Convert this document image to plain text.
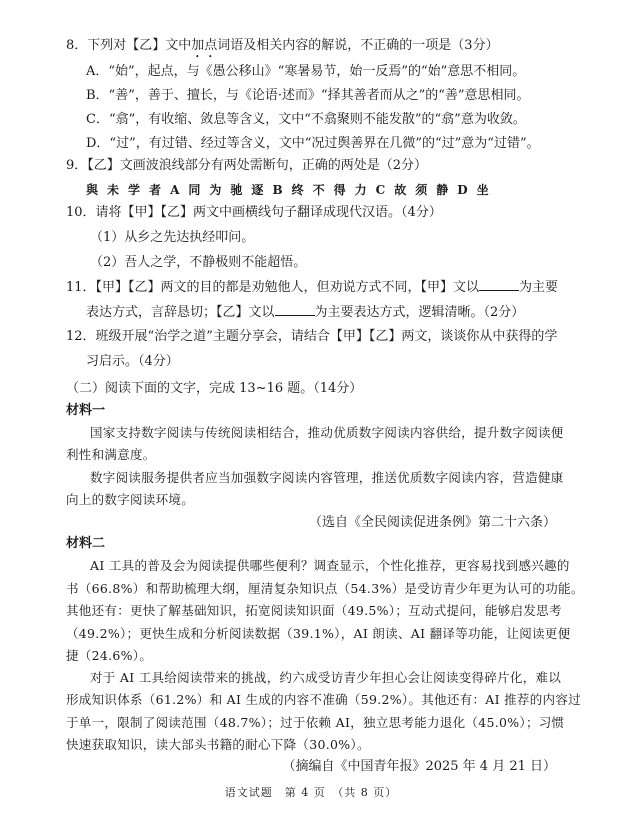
8．下列对【乙】文中加点词语及相关内容的解说，不正确的一项是（3分）
A．“始”，起点，与《愚公移山》“寒暑易节，始一反焉”的“始”意思不相同。
B．“善”，善于、擅长，与《论语·述而》“择其善者而从之”的“善”意思相同。
C．“翕”，有收缩、敛息等含义，文中“不翕聚则不能发散”的“翕”意为收敛。
D．“过”，有过错、经过等含义，文中“况过舆善界在几微”的“过”意为“过错”。
9．【乙】文画波浪线部分有两处需断句，正确的两处是（2分）
與 未 学 者 A 同 为 驰 逐 B 终 不 得 力 C 故 须 静 D 坐
10．请将【甲】【乙】两文中画横线句子翻译成现代汉语。（4分）
（1）从乡之先达执经叩问。
（2）吾人之学，不静极则不能超悟。
11．【甲】【乙】两文的目的都是劝勉他人，但劝说方式不同，【甲】文以	为主要
表达方式，言辞恳切；【乙】文以	为主要表达方式，逻辑清晰。（2分）
12．班级开展“治学之道”主题分享会，请结合【甲】【乙】两文，谈谈你从中获得的学
习启示。（4分）
（二）阅读下面的文字，完成 13~16 题。（14分）
材料一
国家支持数字阅读与传统阅读相结合，推动优质数字阅读内容供给，提升数字阅读便
利性和满意度。
数字阅读服务提供者应当加强数字阅读内容管理，推送优质数字阅读内容，营造健康
向上的数字阅读环境。
（选自《全民阅读促进条例》第二十六条）
材料二
AI 工具的普及会为阅读提供哪些便利？调查显示，个性化推荐，更容易找到感兴趣的
书（66.8%）和帮助梳理大纲，厘清复杂知识点（54.3%）是受访青少年更为认可的功能。
其他还有：更快了解基础知识，拓宽阅读知识面（49.5%）；互动式提问，能够启发思考
（49.2%）；更快生成和分析阅读数据（39.1%），AI 朗读、AI 翻译等功能，让阅读更便
捷（24.6%）。
对于 AI 工具给阅读带来的挑战，约六成受访青少年担心会让阅读变得碎片化，难以
形成知识体系（61.2%）和 AI 生成的内容不准确（59.2%）。其他还有：AI 推荐的内容过
于单一，限制了阅读范围（48.7%）；过于依赖 AI，独立思考能力退化（45.0%）；习惯
快速获取知识，读大部头书籍的耐心下降（30.0%）。
（摘编自《中国青年报》2025 年 4 月 21 日）
语文试题　第 4 页　（共 8 页）
